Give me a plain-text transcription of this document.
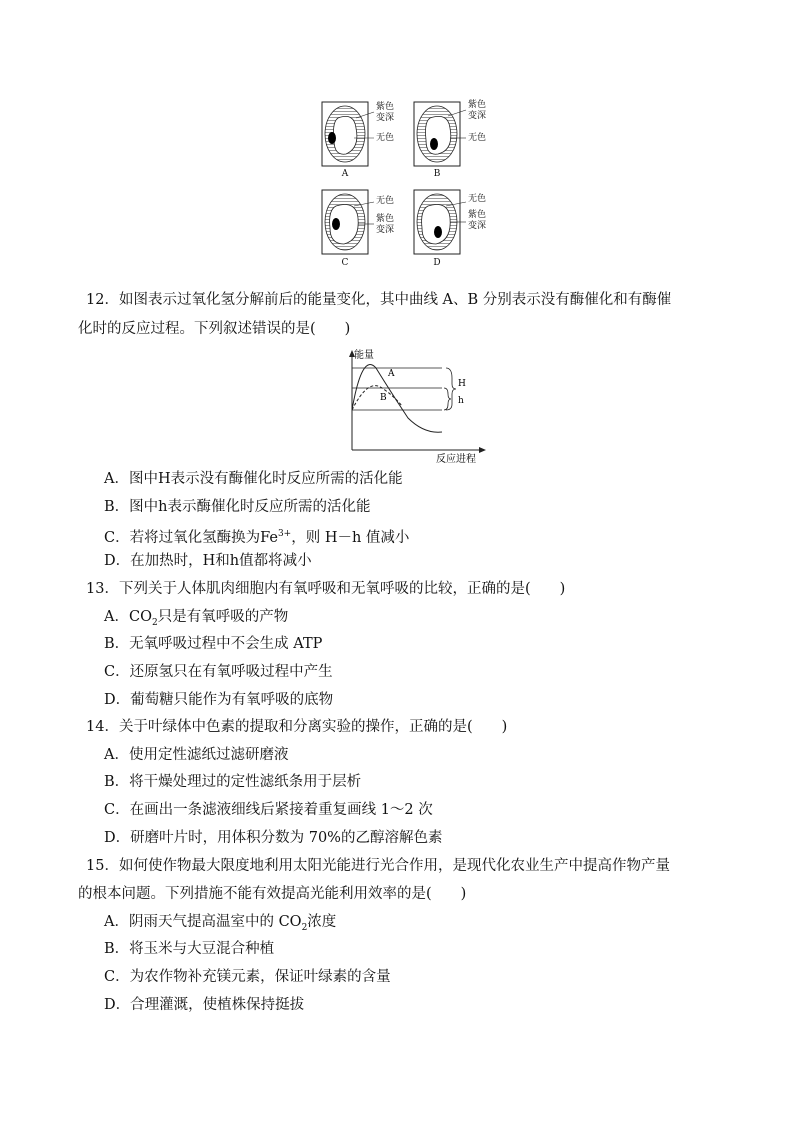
紫色
变深
无色
A
紫色
变深
无色
B
无色
紫色
变深
C
无色
紫色
变深
D
12．如图表示过氧化氢分解前后的能量变化，其中曲线 A、B 分别表示没有酶催化和有酶催
化时的反应过程。下列叙述错误的是(　　)
能量
反应进程
A
B
H
h
A．图中H表示没有酶催化时反应所需的活化能
B．图中h表示酶催化时反应所需的活化能
C．若将过氧化氢酶换为$Fe^{3+}$，则 H－h 值减小
D．在加热时，H和h值都将减小
13．下列关于人体肌肉细胞内有氧呼吸和无氧呼吸的比较，正确的是(　　)
A．$CO_2$只是有氧呼吸的产物
B．无氧呼吸过程中不会生成 ATP
C．还原氢只在有氧呼吸过程中产生
D．葡萄糖只能作为有氧呼吸的底物
14．关于叶绿体中色素的提取和分离实验的操作，正确的是(　　)
A．使用定性滤纸过滤研磨液
B．将干燥处理过的定性滤纸条用于层析
C．在画出一条滤液细线后紧接着重复画线 1～2 次
D．研磨叶片时，用体积分数为 70%的乙醇溶解色素
15．如何使作物最大限度地利用太阳光能进行光合作用，是现代化农业生产中提高作物产量
的根本问题。下列措施不能有效提高光能利用效率的是(　　)
A．阴雨天气提高温室中的 $CO_2$浓度
B．将玉米与大豆混合种植
C．为农作物补充镁元素，保证叶绿素的含量
D．合理灌溉，使植株保持挺拔
